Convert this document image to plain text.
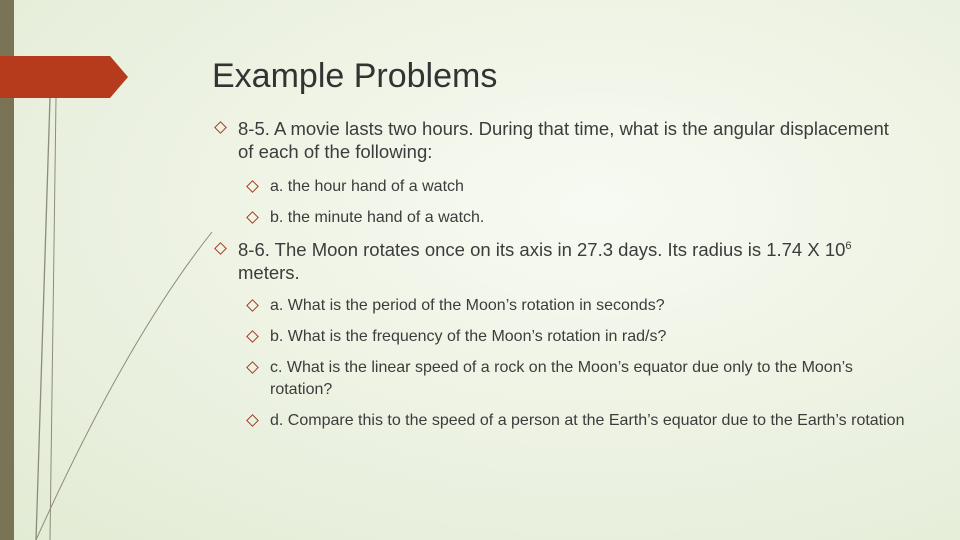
Example Problems
8-5. A movie lasts two hours. During that time, what is the angular displacement of each of the following:
a. the hour hand of a watch
b. the minute hand of a watch.
8-6. The Moon rotates once on its axis in 27.3 days. Its radius is 1.74 X $10^6$ meters.
a. What is the period of the Moon’s rotation in seconds?
b. What is the frequency of the Moon’s rotation in rad/s?
c. What is the linear speed of a rock on the Moon’s equator due only to the Moon’s rotation?
d. Compare this to the speed of a person at the Earth’s equator due to the Earth’s rotation
